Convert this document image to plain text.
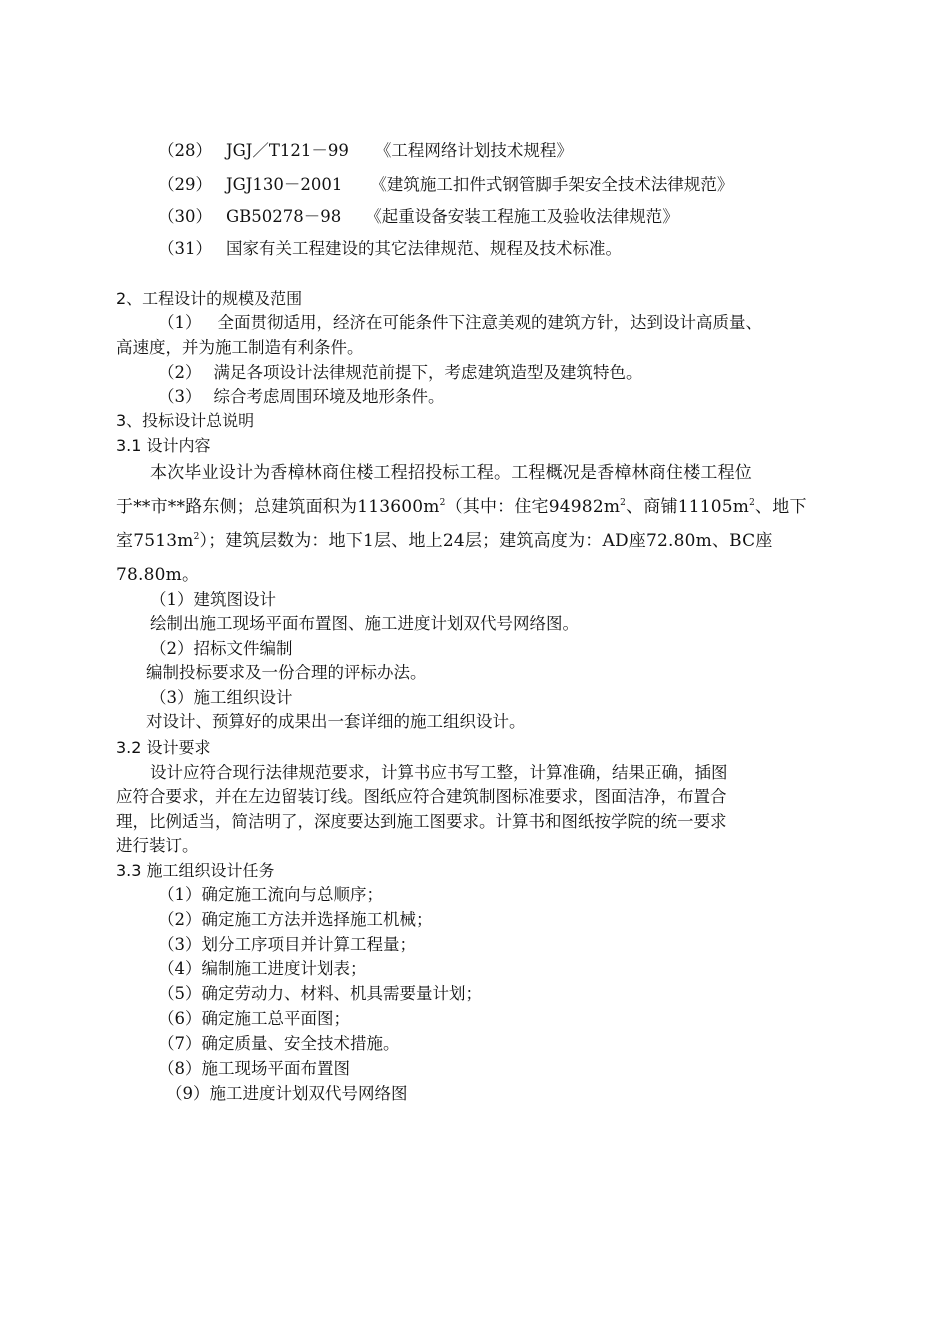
（28） JGJ／T121－99 《工程网络计划技术规程》
（29） JGJ130－2001 《建筑施工扣件式钢管脚手架安全技术法律规范》
（30） GB50278－98 《起重设备安装工程施工及验收法律规范》
（31） 国家有关工程建设的其它法律规范、规程及技术标准。
2、工程设计的规模及范围
（1） 全面贯彻适用，经济在可能条件下注意美观的建筑方针，达到设计高质量、
高速度，并为施工制造有利条件。
（2） 满足各项设计法律规范前提下，考虑建筑造型及建筑特色。
（3） 综合考虑周围环境及地形条件。
3、投标设计总说明
3.1 设计内容
本次毕业设计为香樟林商住楼工程招投标工程。工程概况是香樟林商住楼工程位
于**市**路东侧；总建筑面积为$113600m^2$（其中：住宅$94982m^2$、商铺$11105m^2$、地下
室$7513m^2$）；建筑层数为：地下1层、地上24层；建筑高度为：AD座72.80m、BC座
78.80m。
（1）建筑图设计
绘制出施工现场平面布置图、施工进度计划双代号网络图。
（2）招标文件编制
编制投标要求及一份合理的评标办法。
（3）施工组织设计
对设计、预算好的成果出一套详细的施工组织设计。
3.2 设计要求
设计应符合现行法律规范要求，计算书应书写工整，计算准确，结果正确，插图
应符合要求，并在左边留装订线。图纸应符合建筑制图标准要求，图面洁净，布置合
理，比例适当，简洁明了，深度要达到施工图要求。计算书和图纸按学院的统一要求
进行装订。
3.3 施工组织设计任务
（1）确定施工流向与总顺序；
（2）确定施工方法并选择施工机械；
（3）划分工序项目并计算工程量；
（4）编制施工进度计划表；
（5）确定劳动力、材料、机具需要量计划；
（6）确定施工总平面图；
（7）确定质量、安全技术措施。
（8）施工现场平面布置图
（9）施工进度计划双代号网络图
